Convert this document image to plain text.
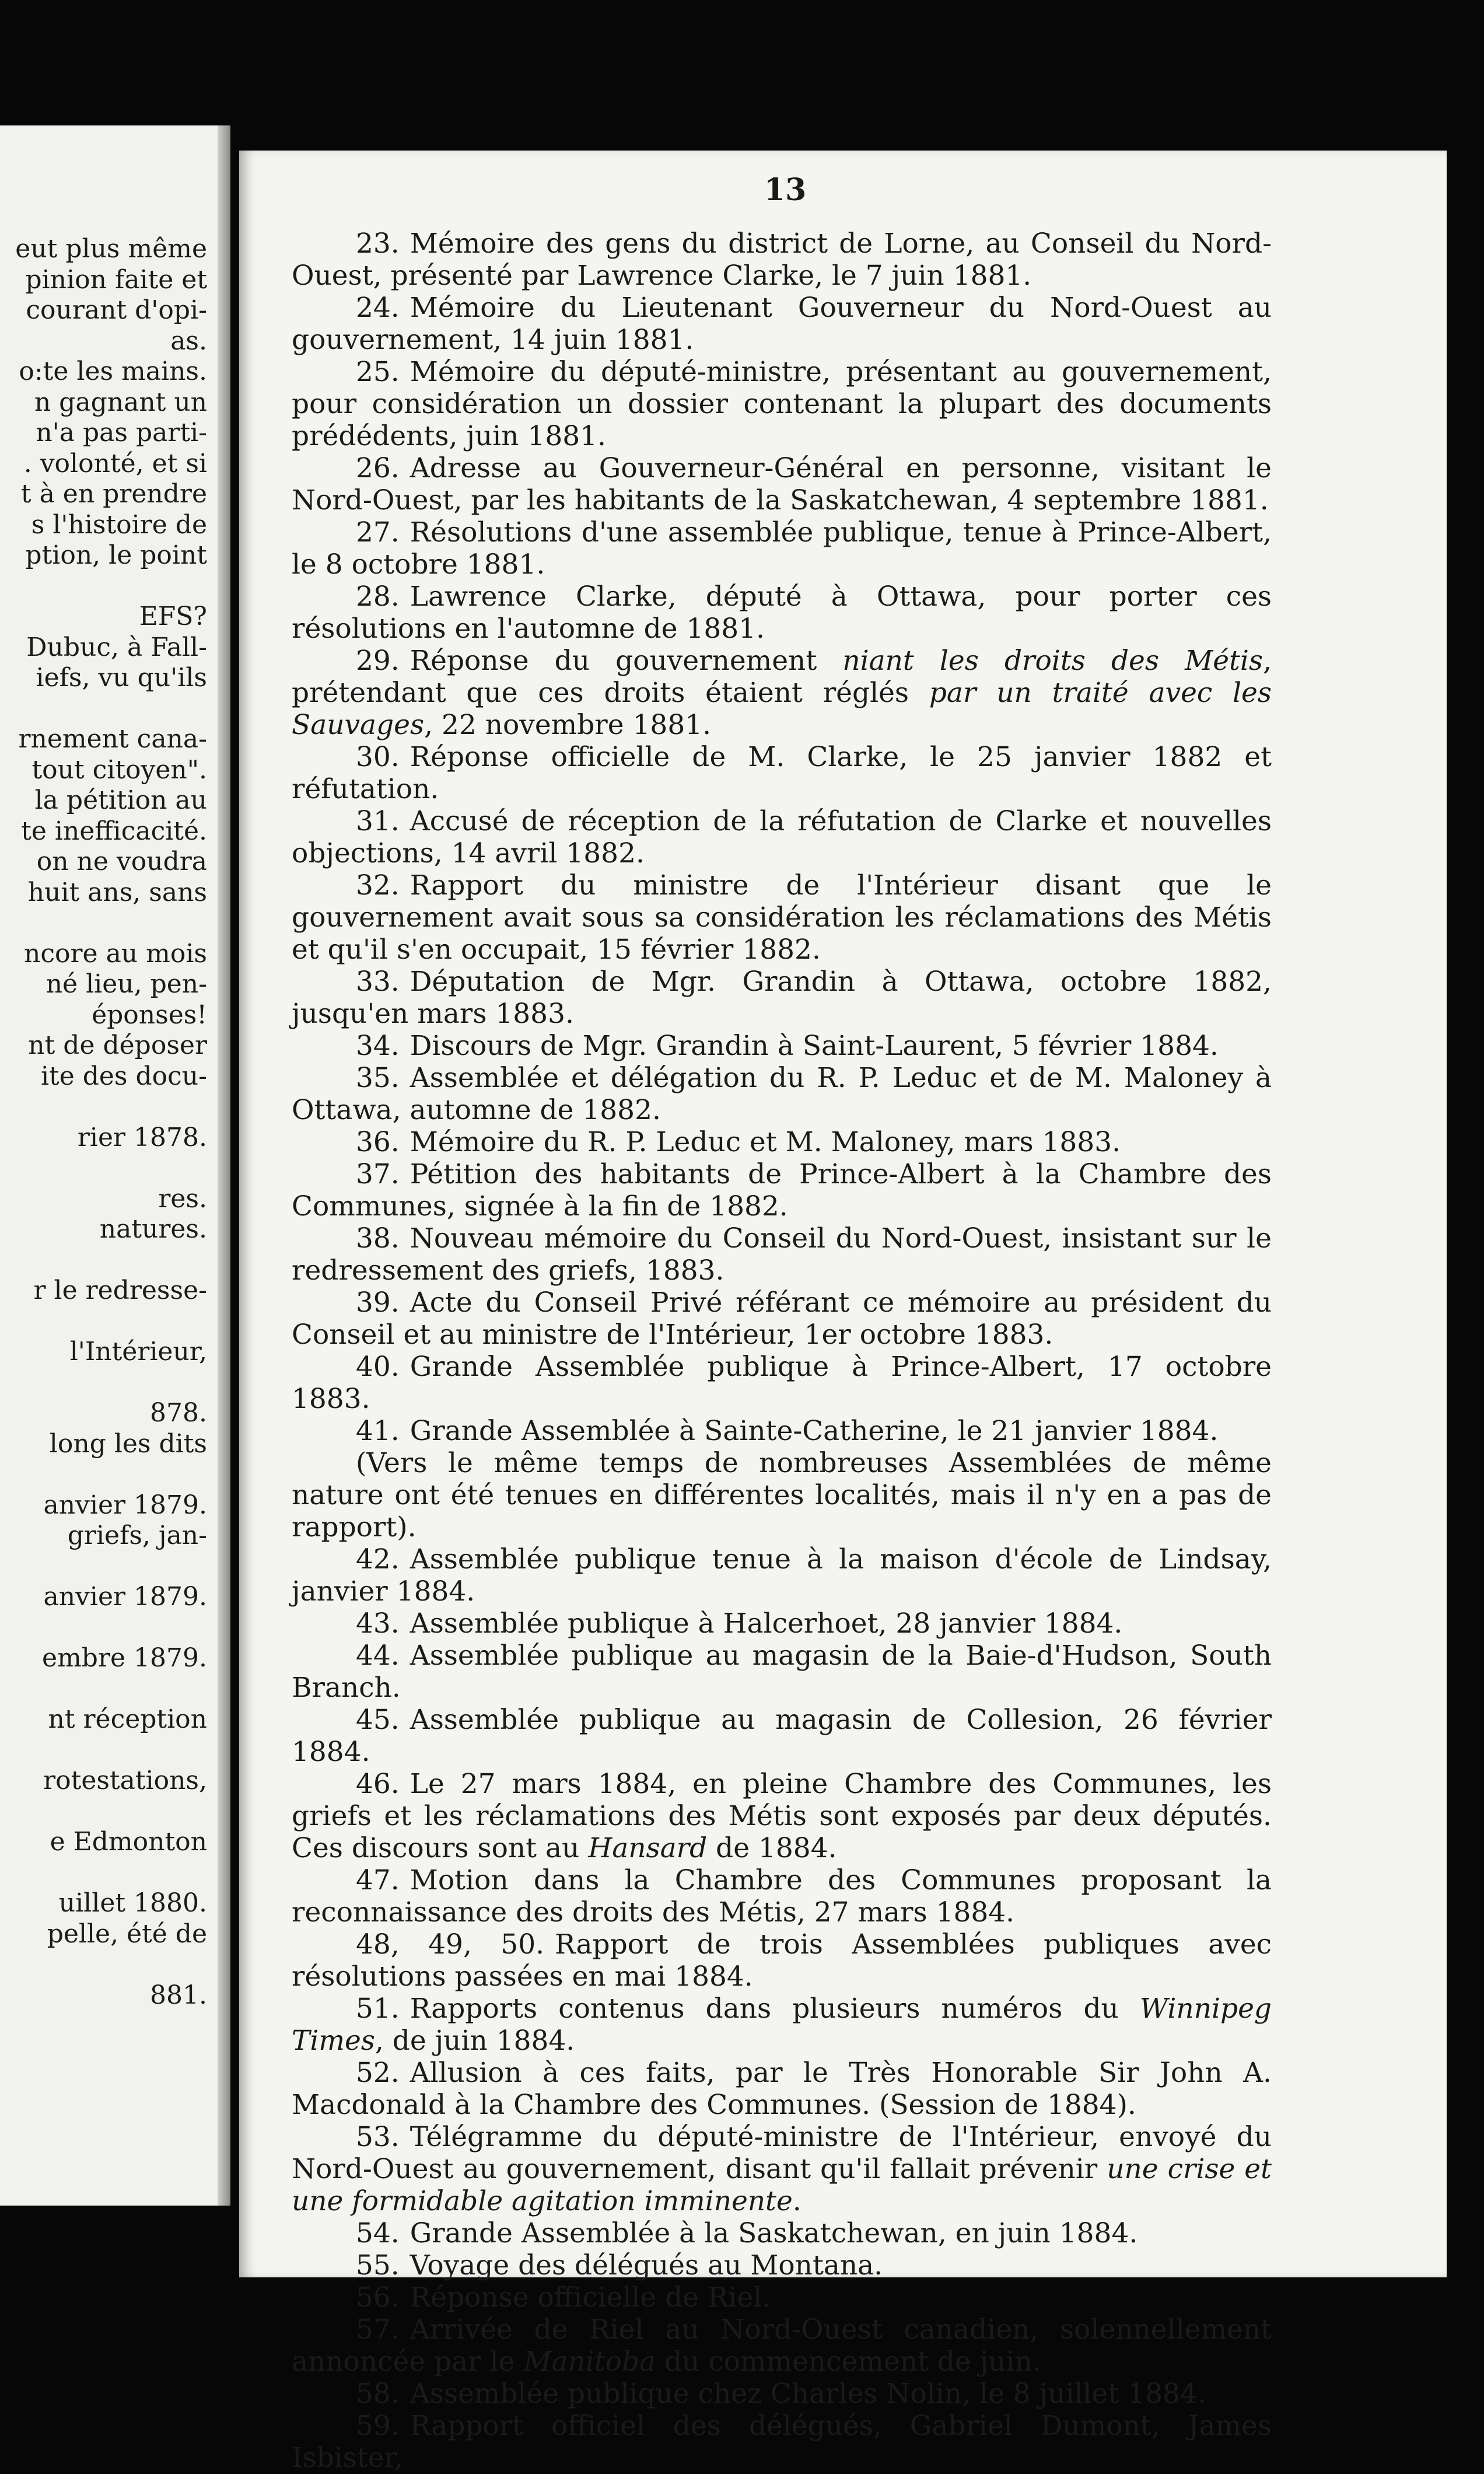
eut plus même
pinion faite et
courant d'opi-
as.
o:te les mains.
n gagnant un
n'a pas parti-
. volonté, et si
t à en prendre
s l'histoire de
ption, le point
EFS?
Dubuc, à Fall-
iefs, vu qu'ils
rnement cana-
tout citoyen".
la pétition au
te inefficacité.
on ne voudra
huit ans, sans
ncore au mois
né lieu, pen-
éponses!
nt de déposer
ite des docu-
rier 1878.
res.
natures.
r le redresse-
l'Intérieur,
878.
long les dits
anvier 1879.
griefs, jan-
anvier 1879.
embre 1879.
nt réception
rotestations,
e Edmonton
uillet 1880.
pelle, été de
881.
13

23. Mémoire des gens du district de Lorne, au Conseil du Nord-Ouest, présenté par Lawrence Clarke, le 7 juin 1881.

24. Mémoire du Lieutenant Gouverneur du Nord-Ouest au gouvernement, 14 juin 1881.

25. Mémoire du député-ministre, présentant au gouvernement, pour considération un dossier contenant la plupart des documents prédédents, juin 1881.

26. Adresse au Gouverneur-Général en personne, visitant le Nord-Ouest, par les habitants de la Saskatchewan, 4 septembre 1881.

27. Résolutions d'une assemblée publique, tenue à Prince-Albert, le 8 octobre 1881.

28. Lawrence Clarke, député à Ottawa, pour porter ces résolutions en l'automne de 1881.

29. Réponse du gouvernement niant les droits des Métis, prétendant que ces droits étaient réglés par un traité avec les Sauvages, 22 novembre 1881.

30. Réponse officielle de M. Clarke, le 25 janvier 1882 et réfutation.

31. Accusé de réception de la réfutation de Clarke et nouvelles objections, 14 avril 1882.

32. Rapport du ministre de l'Intérieur disant que le gouvernement avait sous sa considération les réclamations des Métis et qu'il s'en occupait, 15 février 1882.

33. Députation de Mgr. Grandin à Ottawa, octobre 1882, jusqu'en mars 1883.

34. Discours de Mgr. Grandin à Saint-Laurent, 5 février 1884.

35. Assemblée et délégation du R. P. Leduc et de M. Maloney à Ottawa, automne de 1882.

36. Mémoire du R. P. Leduc et M. Maloney, mars 1883.

37. Pétition des habitants de Prince-Albert à la Chambre des Communes, signée à la fin de 1882.

38. Nouveau mémoire du Conseil du Nord-Ouest, insistant sur le redressement des griefs, 1883.

39. Acte du Conseil Privé référant ce mémoire au président du Conseil et au ministre de l'Intérieur, 1er octobre 1883.

40. Grande Assemblée publique à Prince-Albert, 17 octobre 1883.

41. Grande Assemblée à Sainte-Catherine, le 21 janvier 1884.

(Vers le même temps de nombreuses Assemblées de même nature ont été tenues en différentes localités, mais il n'y en a pas de rapport).

42. Assemblée publique tenue à la maison d'école de Lindsay, janvier 1884.

43. Assemblée publique à Halcerhoet, 28 janvier 1884.

44. Assemblée publique au magasin de la Baie-d'Hudson, South Branch.

45. Assemblée publique au magasin de Collesion, 26 février 1884.

46. Le 27 mars 1884, en pleine Chambre des Communes, les griefs et les réclamations des Métis sont exposés par deux députés. Ces discours sont au Hansard de 1884.

47. Motion dans la Chambre des Communes proposant la reconnaissance des droits des Métis, 27 mars 1884.

48, 49, 50. Rapport de trois Assemblées publiques avec résolutions passées en mai 1884.

51. Rapports contenus dans plusieurs numéros du Winnipeg Times, de juin 1884.

52. Allusion à ces faits, par le Très Honorable Sir John A. Macdonald à la Chambre des Communes. (Session de 1884).

53. Télégramme du député-ministre de l'Intérieur, envoyé du Nord-Ouest au gouvernement, disant qu'il fallait prévenir une crise et une formidable agitation imminente.

54. Grande Assemblée à la Saskatchewan, en juin 1884.

55. Voyage des délégués au Montana.

56. Réponse officielle de Riel.

57. Arrivée de Riel au Nord-Ouest canadien, solennellement annoncée par le Manitoba du commencement de juin.

58. Assemblée publique chez Charles Nolin, le 8 juillet 1884.

59. Rapport officiel des délégués, Gabriel Dumont, James Isbister,
